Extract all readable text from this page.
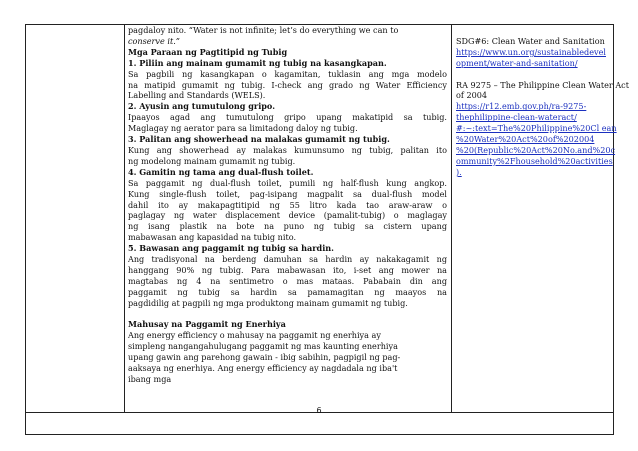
pagdaloy nito. “Water is not infinite; let’s do everything we can to
conserve it.”
Mga Paraan ng Pagtitipid ng Tubig
1. Piliin ang mainam gumamit ng tubig na kasangkapan.
Sa pagbili ng kasangkapan o kagamitan, tuklasin ang mga modelo
na matipid gumamit ng tubig. I-check ang grado ng Water Efficiency
Labelling and Standards (WELS).
2. Ayusin ang tumutulong gripo.
Ipaayos agad ang tumutulong gripo upang makatipid sa tubig.
Maglagay ng aerator para sa limitadong daloy ng tubig.
3. Palitan ang showerhead na malakas gumamit ng tubig.
Kung ang showerhead ay malakas kumunsumo ng tubig, palitan ito
ng modelong mainam gumamit ng tubig.
4. Gamitin ng tama ang dual-flush toilet.
Sa paggamit ng dual-flush toilet, pumili ng half-flush kung angkop.
Kung single-flush toilet, pag-isipang magpalit sa dual-flush model
dahil ito ay makapagtitipid ng 55 litro kada tao araw-araw o
paglagay ng water displacement device (pamalit-tubig) o maglagay
ng isang plastik na bote na puno ng tubig sa cistern upang
mabawasan ang kapasidad na tubig nito.
5. Bawasan ang paggamit ng tubig sa hardin.
Ang tradisyonal na berdeng damuhan sa hardin ay nakakagamit ng
hanggang 90% ng tubig. Para mabawasan ito, i-set ang mower na
magtabas ng 4 na sentimetro o mas mataas. Pababain din ang
paggamit ng tubig sa hardin sa pamamagitan ng maayos na
pagdidilig at pagpili ng mga produktong mainam gumamit ng tubig.
Mahusay na Paggamit ng Enerhiya
Ang energy efficiency o mahusay na paggamit ng enerhiya ay
simpleng nangangahulugang paggamit ng mas kaunting enerhiya
upang gawin ang parehong gawain - ibig sabihin, pagpigil ng pag-
aaksaya ng enerhiya. Ang energy efficiency ay nagdadala ng iba't
ibang mga
SDG#6: Clean Water and Sanitation
https://www.un.org/sustainabledevel
opment/water-and-sanitation/
RA 9275 – The Philippine Clean Water Act
of 2004
https://r12.emb.gov.ph/ra-9275-
thephilippine-clean-wateract/
#:~:text=The%20Philippine%20Cl ean
%20Water%20Act%20of%202004
%20(Republic%20Act%20No.and%20c
ommunity%2Fhousehold%20activities
).
6
